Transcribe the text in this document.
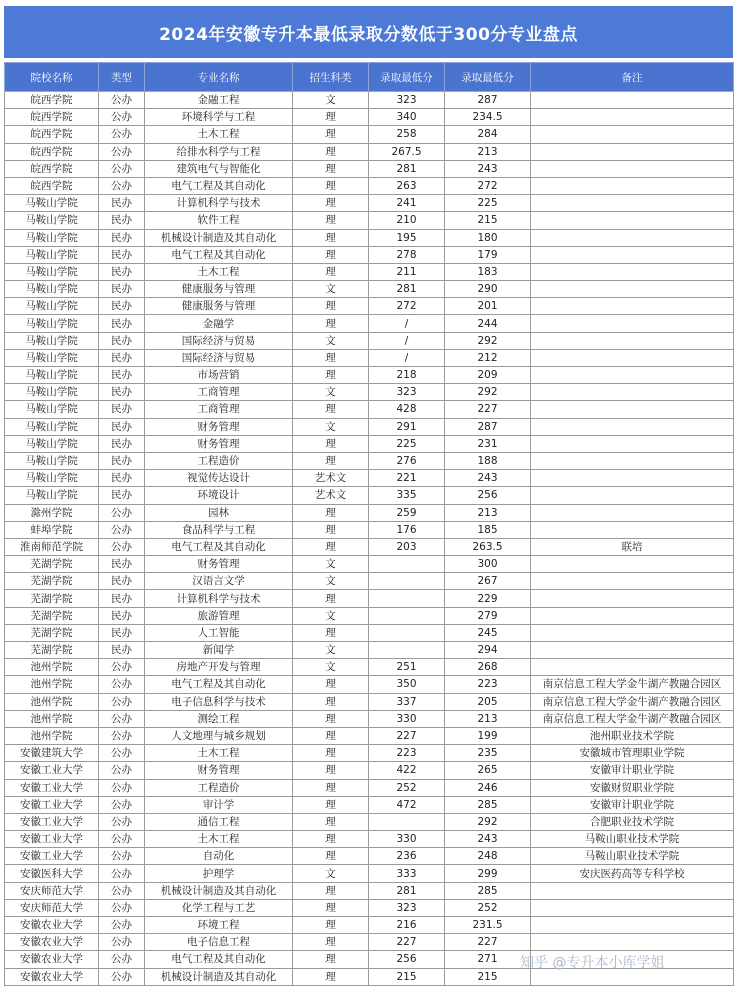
2024年安徽专升本最低录取分数低于300分专业盘点
院校名称	类型	专业名称	招生科类	录取最低分	录取最低分	备注
皖西学院	公办	金融工程	文	323	287	
皖西学院	公办	环境科学与工程	理	340	234.5	
皖西学院	公办	土木工程	理	258	284	
皖西学院	公办	给排水科学与工程	理	267.5	213	
皖西学院	公办	建筑电气与智能化	理	281	243	
皖西学院	公办	电气工程及其自动化	理	263	272	
马鞍山学院	民办	计算机科学与技术	理	241	225	
马鞍山学院	民办	软件工程	理	210	215	
马鞍山学院	民办	机械设计制造及其自动化	理	195	180	
马鞍山学院	民办	电气工程及其自动化	理	278	179	
马鞍山学院	民办	土木工程	理	211	183	
马鞍山学院	民办	健康服务与管理	文	281	290	
马鞍山学院	民办	健康服务与管理	理	272	201	
马鞍山学院	民办	金融学	理	/	244	
马鞍山学院	民办	国际经济与贸易	文	/	292	
马鞍山学院	民办	国际经济与贸易	理	/	212	
马鞍山学院	民办	市场营销	理	218	209	
马鞍山学院	民办	工商管理	文	323	292	
马鞍山学院	民办	工商管理	理	428	227	
马鞍山学院	民办	财务管理	文	291	287	
马鞍山学院	民办	财务管理	理	225	231	
马鞍山学院	民办	工程造价	理	276	188	
马鞍山学院	民办	视觉传达设计	艺术文	221	243	
马鞍山学院	民办	环境设计	艺术文	335	256	
滁州学院	公办	园林	理	259	213	
蚌埠学院	公办	食品科学与工程	理	176	185	
淮南师范学院	公办	电气工程及其自动化	理	203	263.5	联培
芜湖学院	民办	财务管理	文		300	
芜湖学院	民办	汉语言文学	文		267	
芜湖学院	民办	计算机科学与技术	理		229	
芜湖学院	民办	旅游管理	文		279	
芜湖学院	民办	人工智能	理		245	
芜湖学院	民办	新闻学	文		294	
池州学院	公办	房地产开发与管理	文	251	268	
池州学院	公办	电气工程及其自动化	理	350	223	南京信息工程大学金牛湖产教融合园区
池州学院	公办	电子信息科学与技术	理	337	205	南京信息工程大学金牛湖产教融合园区
池州学院	公办	测绘工程	理	330	213	南京信息工程大学金牛湖产教融合园区
池州学院	公办	人文地理与城乡规划	理	227	199	池州职业技术学院
安徽建筑大学	公办	土木工程	理	223	235	安徽城市管理职业学院
安徽工业大学	公办	财务管理	理	422	265	安徽审计职业学院
安徽工业大学	公办	工程造价	理	252	246	安徽财贸职业学院
安徽工业大学	公办	审计学	理	472	285	安徽审计职业学院
安徽工业大学	公办	通信工程	理		292	合肥职业技术学院
安徽工业大学	公办	土木工程	理	330	243	马鞍山职业技术学院
安徽工业大学	公办	自动化	理	236	248	马鞍山职业技术学院
安徽医科大学	公办	护理学	文	333	299	安庆医药高等专科学校
安庆师范大学	公办	机械设计制造及其自动化	理	281	285	
安庆师范大学	公办	化学工程与工艺	理	323	252	
安徽农业大学	公办	环境工程	理	216	231.5	
安徽农业大学	公办	电子信息工程	理	227	227	
安徽农业大学	公办	电气工程及其自动化	理	256	271	
安徽农业大学	公办	机械设计制造及其自动化	理	215	215	
知乎 @专升本小库学姐
